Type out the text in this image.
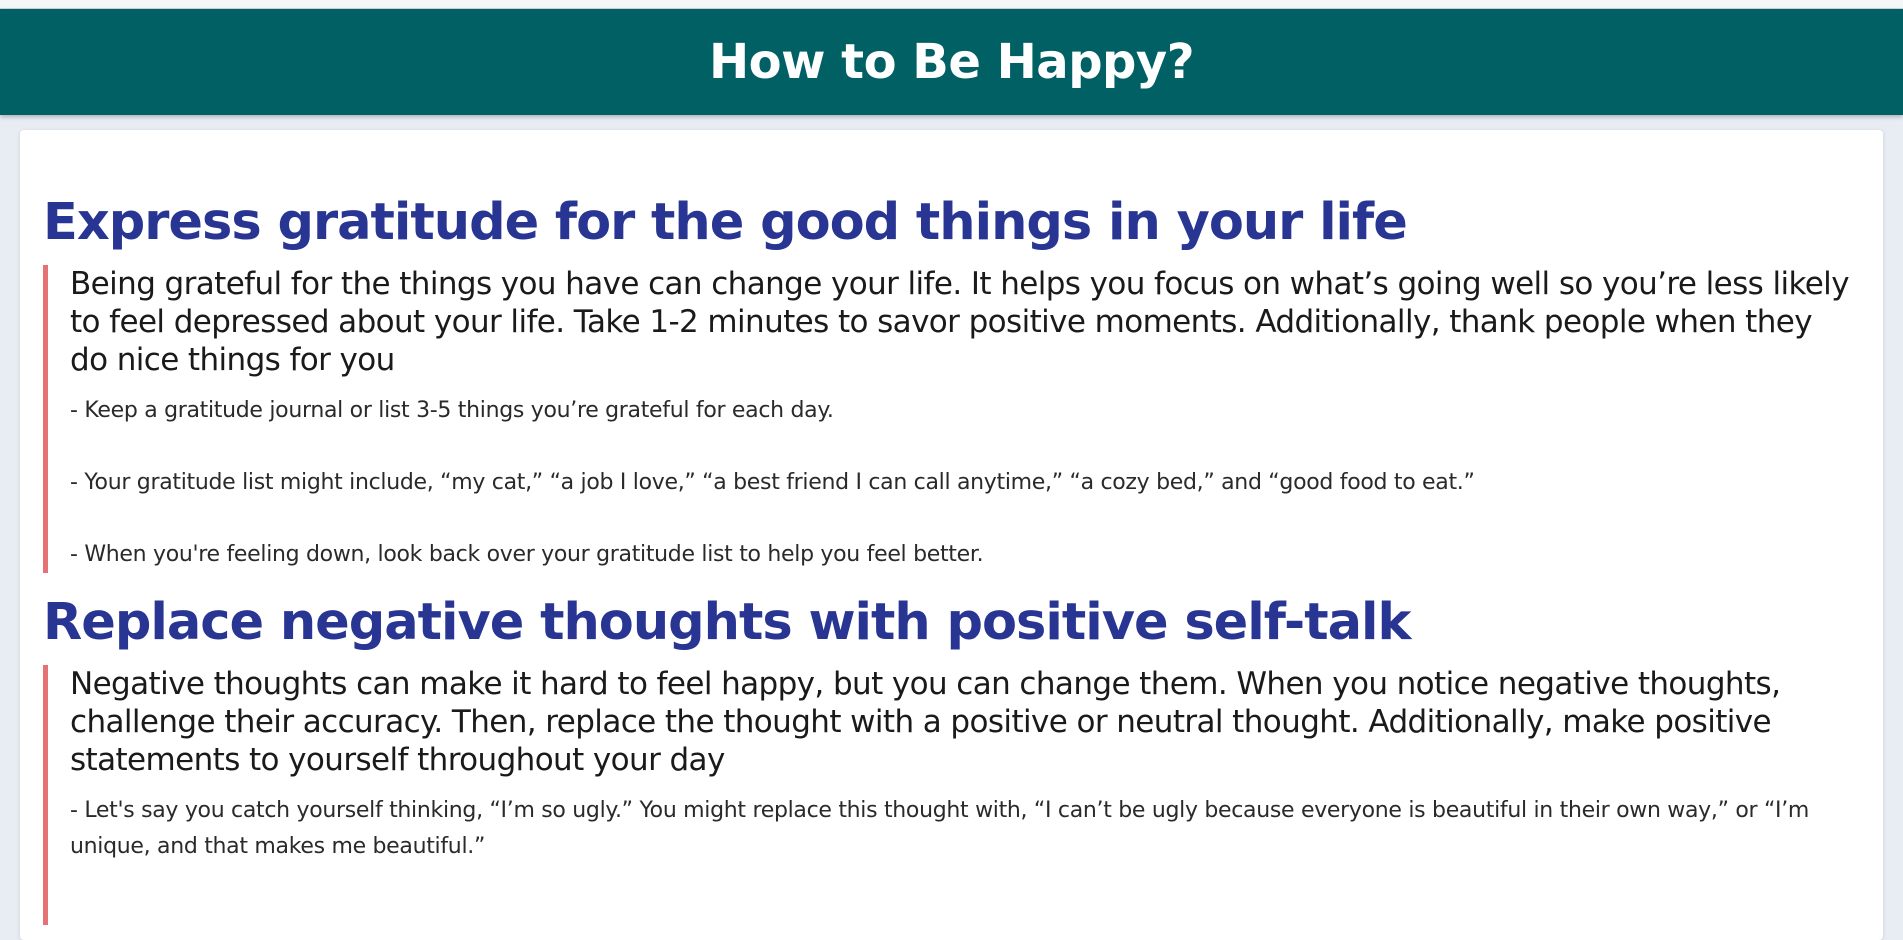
How to Be Happy?
Express gratitude for the good things in your life

Being grateful for the things you have can change your life. It helps you focus on what’s going well so you’re less likely to feel depressed about your life. Take 1-2 minutes to savor positive moments. Additionally, thank people when they do nice things for you

- Keep a gratitude journal or list 3-5 things you’re grateful for each day.

- Your gratitude list might include, “my cat,” “a job I love,” “a best friend I can call anytime,” “a cozy bed,” and “good food to eat.”

- When you're feeling down, look back over your gratitude list to help you feel better.

Replace negative thoughts with positive self-talk

Negative thoughts can make it hard to feel happy, but you can change them. When you notice negative thoughts, challenge their accuracy. Then, replace the thought with a positive or neutral thought. Additionally, make positive statements to yourself throughout your day

- Let's say you catch yourself thinking, “I’m so ugly.” You might replace this thought with, “I can’t be ugly because everyone is beautiful in their own way,” or “I’m unique, and that makes me beautiful.”
